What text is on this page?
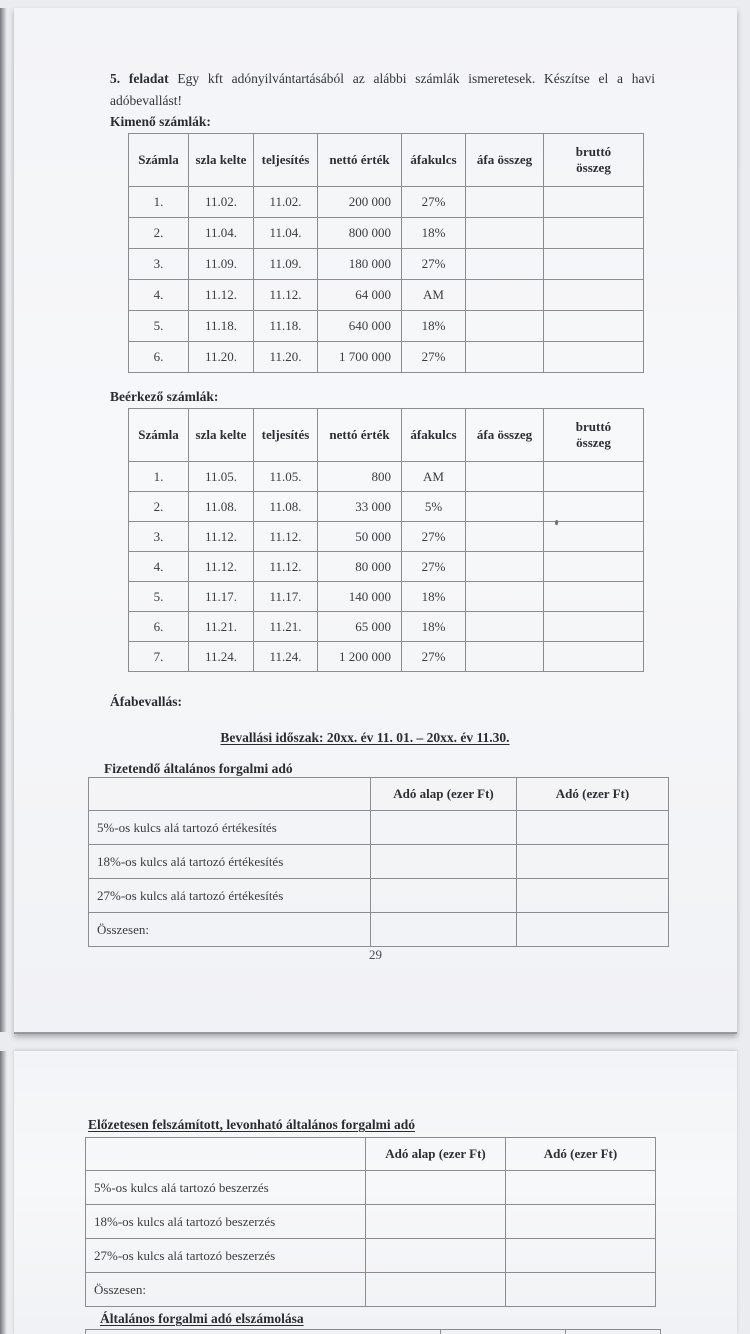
5. feladat Egy kft adónyilvántartásából az alábbi számlák ismeretesek. Készítse el a havi adóbevallást!
Kimenő számlák:
Számla	szla kelte	teljesítés	nettó érték	áfakulcs	áfa összeg	bruttó összeg
1.	11.02.	11.02.	200 000	27%		
2.	11.04.	11.04.	800 000	18%		
3.	11.09.	11.09.	180 000	27%		
4.	11.12.	11.12.	64 000	AM		
5.	11.18.	11.18.	640 000	18%		
6.	11.20.	11.20.	1 700 000	27%		
Beérkező számlák:
Számla	szla kelte	teljesítés	nettó érték	áfakulcs	áfa összeg	bruttó összeg
1.	11.05.	11.05.	800	AM		
2.	11.08.	11.08.	33 000	5%		
3.	11.12.	11.12.	50 000	27%		
4.	11.12.	11.12.	80 000	27%		
5.	11.17.	11.17.	140 000	18%		
6.	11.21.	11.21.	65 000	18%		
7.	11.24.	11.24.	1 200 000	27%		
Áfabevallás:
Bevallási időszak: 20xx. év 11. 01. – 20xx. év 11.30.
Fizetendő általános forgalmi adó
	Adó alap (ezer Ft)	Adó (ezer Ft)
5%-os kulcs alá tartozó értékesítés		
18%-os kulcs alá tartozó értékesítés		
27%-os kulcs alá tartozó értékesítés		
Összesen:		
29
Előzetesen felszámított, levonható általános forgalmi adó
	Adó alap (ezer Ft)	Adó (ezer Ft)
5%-os kulcs alá tartozó beszerzés		
18%-os kulcs alá tartozó beszerzés		
27%-os kulcs alá tartozó beszerzés		
Összesen:		
Általános forgalmi adó elszámolása
